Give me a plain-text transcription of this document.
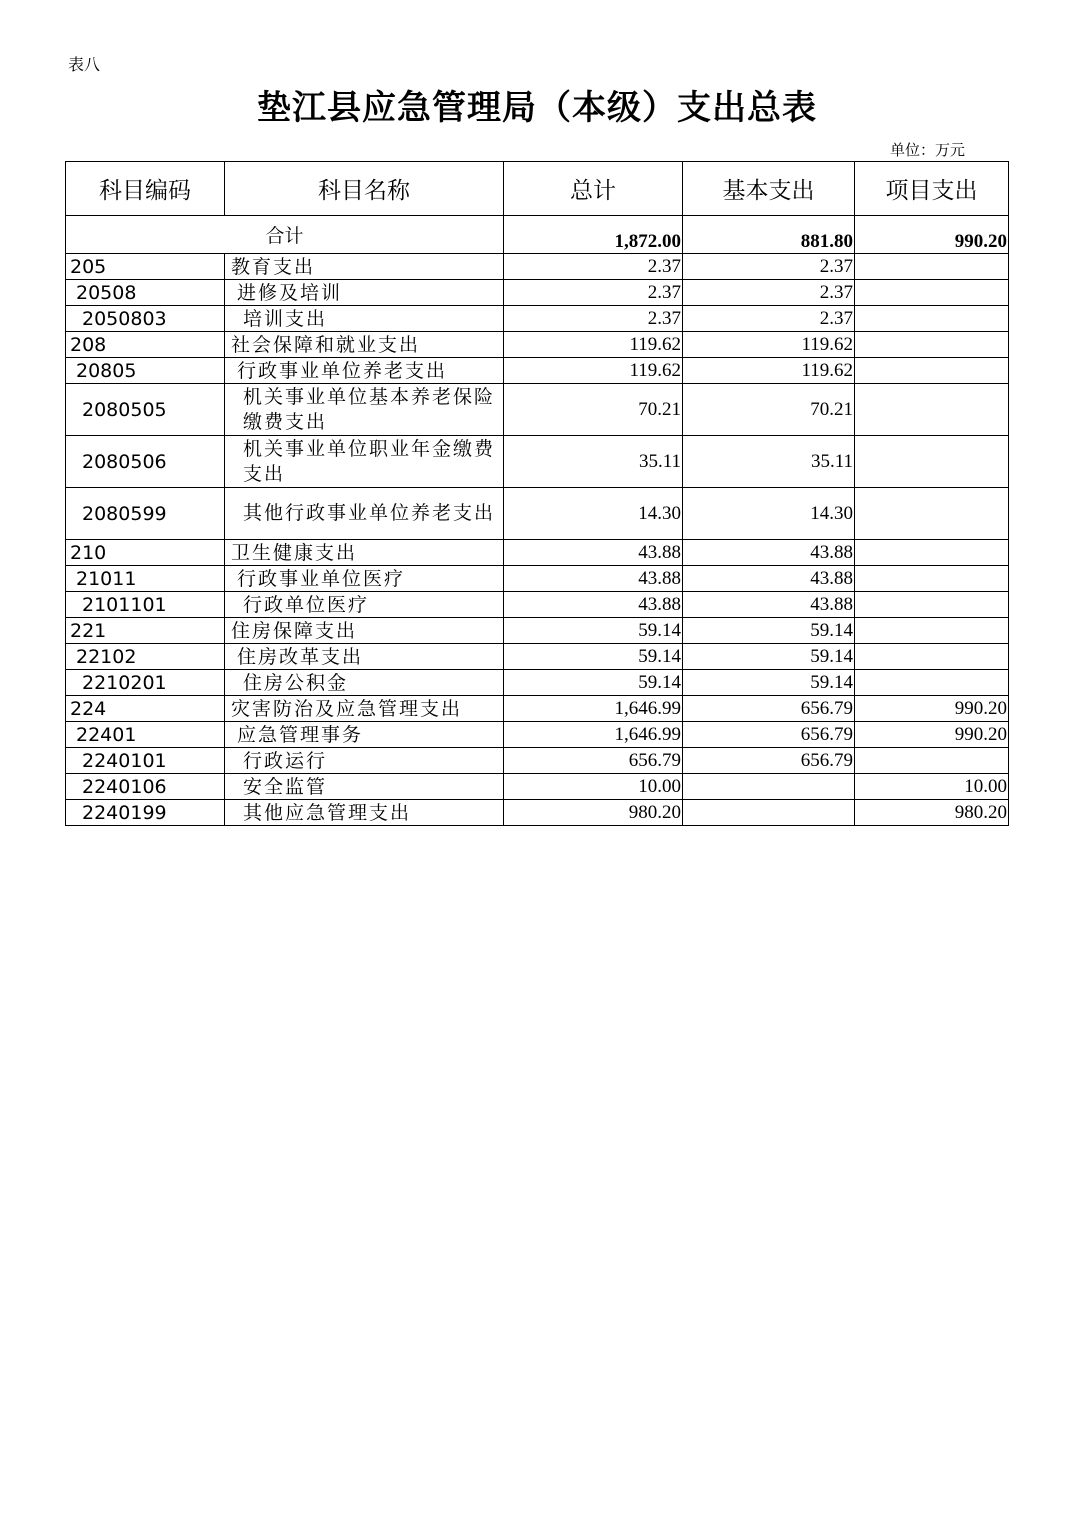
表八
垫江县应急管理局（本级）支出总表
单位：万元
科目编码	科目名称	总计	基本支出	项目支出
合计		1,872.00	881.80	990.20
205	教育支出	2.37	2.37	
20508	进修及培训	2.37	2.37	
2050803	培训支出	2.37	2.37	
208	社会保障和就业支出	119.62	119.62	
20805	行政事业单位养老支出	119.62	119.62	
2080505	机关事业单位基本养老保险缴费支出	70.21	70.21	
2080506	机关事业单位职业年金缴费支出	35.11	35.11	
2080599	其他行政事业单位养老支出	14.30	14.30	
210	卫生健康支出	43.88	43.88	
21011	行政事业单位医疗	43.88	43.88	
2101101	行政单位医疗	43.88	43.88	
221	住房保障支出	59.14	59.14	
22102	住房改革支出	59.14	59.14	
2210201	住房公积金	59.14	59.14	
224	灾害防治及应急管理支出	1,646.99	656.79	990.20
22401	应急管理事务	1,646.99	656.79	990.20
2240101	行政运行	656.79	656.79	
2240106	安全监管	10.00		10.00
2240199	其他应急管理支出	980.20		980.20
